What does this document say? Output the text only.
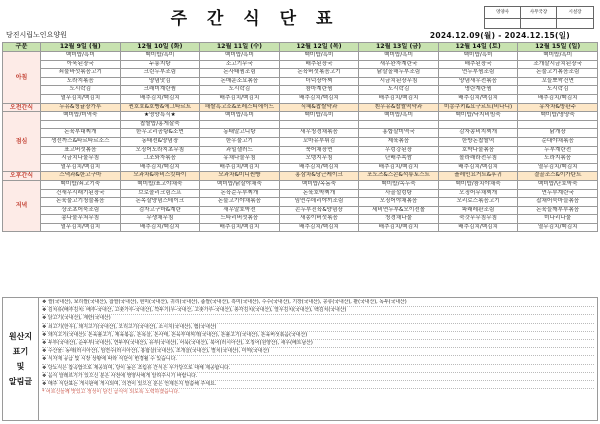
주 간 식 단 표	영양사	사무국장	시설장
당진시립노인요양원	2024.12.09(월) - 2024.12.15(일)
구분	12월 9일 (월)	12월 10일 (화)	12월 11일 (수)	12월 12일 (목)	12월 13일 (금)	12월 14일 (토)	12월 15일 (일)
아침	백미밥/흑미	백미밥/흑미	백미밥/흑미	백미밥/흑미	백미밥/흑미	백미밥/흑미	백미밥/흑미
	아욱된장국	누룽지탕	소고기무국	배추된장국	새우완자계란국	배추된장국	조개살시금치된장국
	쇠불바섯볶음고기	크린두부조림	돈사태찜조림	돈육버섯볶음고기	닭살올해두부조림	연두부찜조림	돈불고기볶음조림
	도라지볶음	양념맛김	돈매운소요볶음	더덕장아찌	시금치된장무침	양념새우전볶음	꼬들뽀싹건면
	도시락김	크래미계란찜	도시락김	참마계란찜	도시락김	명란계란찜	도시락김
	열무김치/백김치	배추김치/백김치	배추김치/백김치	배추김치/백김치	배추김치/백김치	배추김치/백김치	배추김치/백김치
오전간식	두유&청귤장가루	찐호호&호빵&에그타르트	해쌀흑고소&포레스티에이드	식혜&찹쌀약과	흰우유&찹쌀떡약과	미몽쿠키&요구르트(비나니)	유자차&방판주
점심	백미밥/미역죽	★영양특식★	백미밥/흑미	백미밥/흑미	백미밥/흑미	백미밥/낙지비빔죽	백미밥/영양죽
		찹쌀밥/홍게살죽					
	돈육부대찌개	한우고리곰탕&소면	동태알고니탕	새우청경채볶음	홍합살미역국	감자콩비지찌개	닭개장
	생선까스&타르타르소스	동태전&양념장	한우불고기	꼬마유부튀김	제육볶음	한방돈찹쌀떡	순대야채볶음
	표고버섯볶음	오징어도라지초무침	과일샐러드	북어채장면	우렁강된장	호박나물볶음	두부계란전
	시금치나물무침	그조와자볶음	유채나물무침	오뎅지무침	단배추속쌈	볼라래라전무침	도라지볶음
	열무김치/백김치	배추김치/백김치	배추김치/백김치	배추김치/백김치	배추김치/백김치	배추김치/백김치	열무김치/백김치
오후간식	스낵과&한고구마	모과차&하비스킷파이	모과차&미니찐빵	홍삼차&당근케이크	포도즈&스콘&석류토스트	플레인요거트&후귀	결골조스&이가탄트
저녁	백미밥/쇠고기죽	백미밥/표고야채죽	백미밥/닭살야채죽	백미밥/옥돔죽	백미밥/녹두죽	백미밥/참치야채죽	백미밥/단호박죽
	건새우시래기된장국	브로콜리크림스프	돈육순두부찌개	돈육호박찌개	사골설렁탕	오징어무채찌개	연두부계란국
	돈육불고기청불볶음	돈목살양념스테이크	돈불고기야채볶음	임연수데리야끼조림	오징어야채볶음	오리로스볶음고기	잡채어묵마늘볶음
	상조초어묵조림	검자고구마&계란	새우알호박전	손두부진육&양념장	세비연두부&오이전볼	파래레판조림	돈육들깨부부볶음
	콩나물무쳐무침	무생채무침	느타리버섯볶음	새송이버섯볶음	청경채나물	숙갓무무침무침	미나리나물
	열무김치/백김치	배추김치/백김치	배추김치/백김치	배추김치/백김치	배추김치/백김치	배추김치/백김치	열무김치/백김치
원산지
표기
및
알림글
❖ 쌀(국내산), 보리쌀(국내산), 찹쌀(국내산), 현미(국내산), 귀리(국내산), 좁쌀(국내산), 흑미(국내산), 수수(국내산), 기장(국내산), 콩류(국내산), 팥(국내산), 녹두(국내산)
❖ 김치류(배추김치: 배추-국내산, 고춧가루-국내산), 깍두기(무-국내산, 고춧가루-국내산), 총각김치(국내산), 열무김치(국내산), 백김치(국내산)
❖ 닭고기(국내산), 계란(국내산)
❖ 쇠고기(한우), 돼지고기(국내산), 오리고기(국내산), 소시지(국내산), 햄(국내산)
❖ 돼지고기(국내산): 돈육불고기, 제육볶음, 돈목살, 돈사태, 돈육부대찌개(국내산), 돈불고기(국내산), 돈육버섯볶음(국내산)
❖ 두부(국내산), 순두부(국내산), 연두부(국내산), 유부(국내산), 어묵(국내산), 북어(러시아산), 오징어(원양산), 새우(베트남산)
❖ 수산물: 동태(러시아산), 임연수(러시아산), 홍합살(국내산), 조개살(국내산), 멸치(국내산), 미역(국내산)
❖ 식자재 공급 및 시장 상황에 따라 식단이 변경될 수 있습니다.
❖ 당뇨식은 잡곡밥으로 제공되며, 당이 높은 조림류 간식은 무가당으로 대체 제공합니다.
❖ 음식 알레르기가 있으신 분은 사전에 영양사에게 알려주시기 바랍니다.
❖ 매주 식단표는 게시판에 게시되며, 의견이 있으신 분은 언제든지 말씀해 주세요.
* 어르신들께 맛있고 정성이 담긴 급식이 되도록 노력하겠습니다.
